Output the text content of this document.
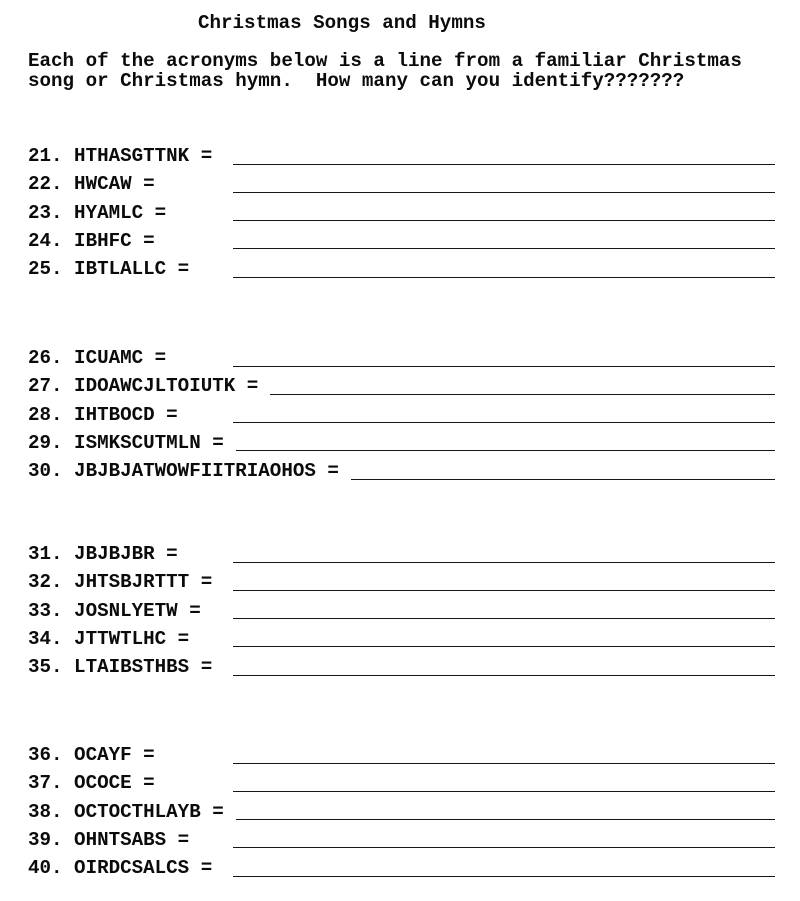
Christmas Songs and Hymns
Each of the acronyms below is a line from a familiar Christmas
song or Christmas hymn.  How many can you identify???????
21. HTHASGTTNK =
22. HWCAW =
23. HYAMLC =
24. IBHFC =
25. IBTLALLC =
26. ICUAMC =
27. IDOAWCJLTOIUTK =
28. IHTBOCD =
29. ISMKSCUTMLN =
30. JBJBJATWOWFIITRIAOHOS =
31. JBJBJBR =
32. JHTSBJRTTT =
33. JOSNLYETW =
34. JTTWTLHC =
35. LTAIBSTHBS =
36. OCAYF =
37. OCOCE =
38. OCTOCTHLAYB =
39. OHNTSABS =
40. OIRDCSALCS =
